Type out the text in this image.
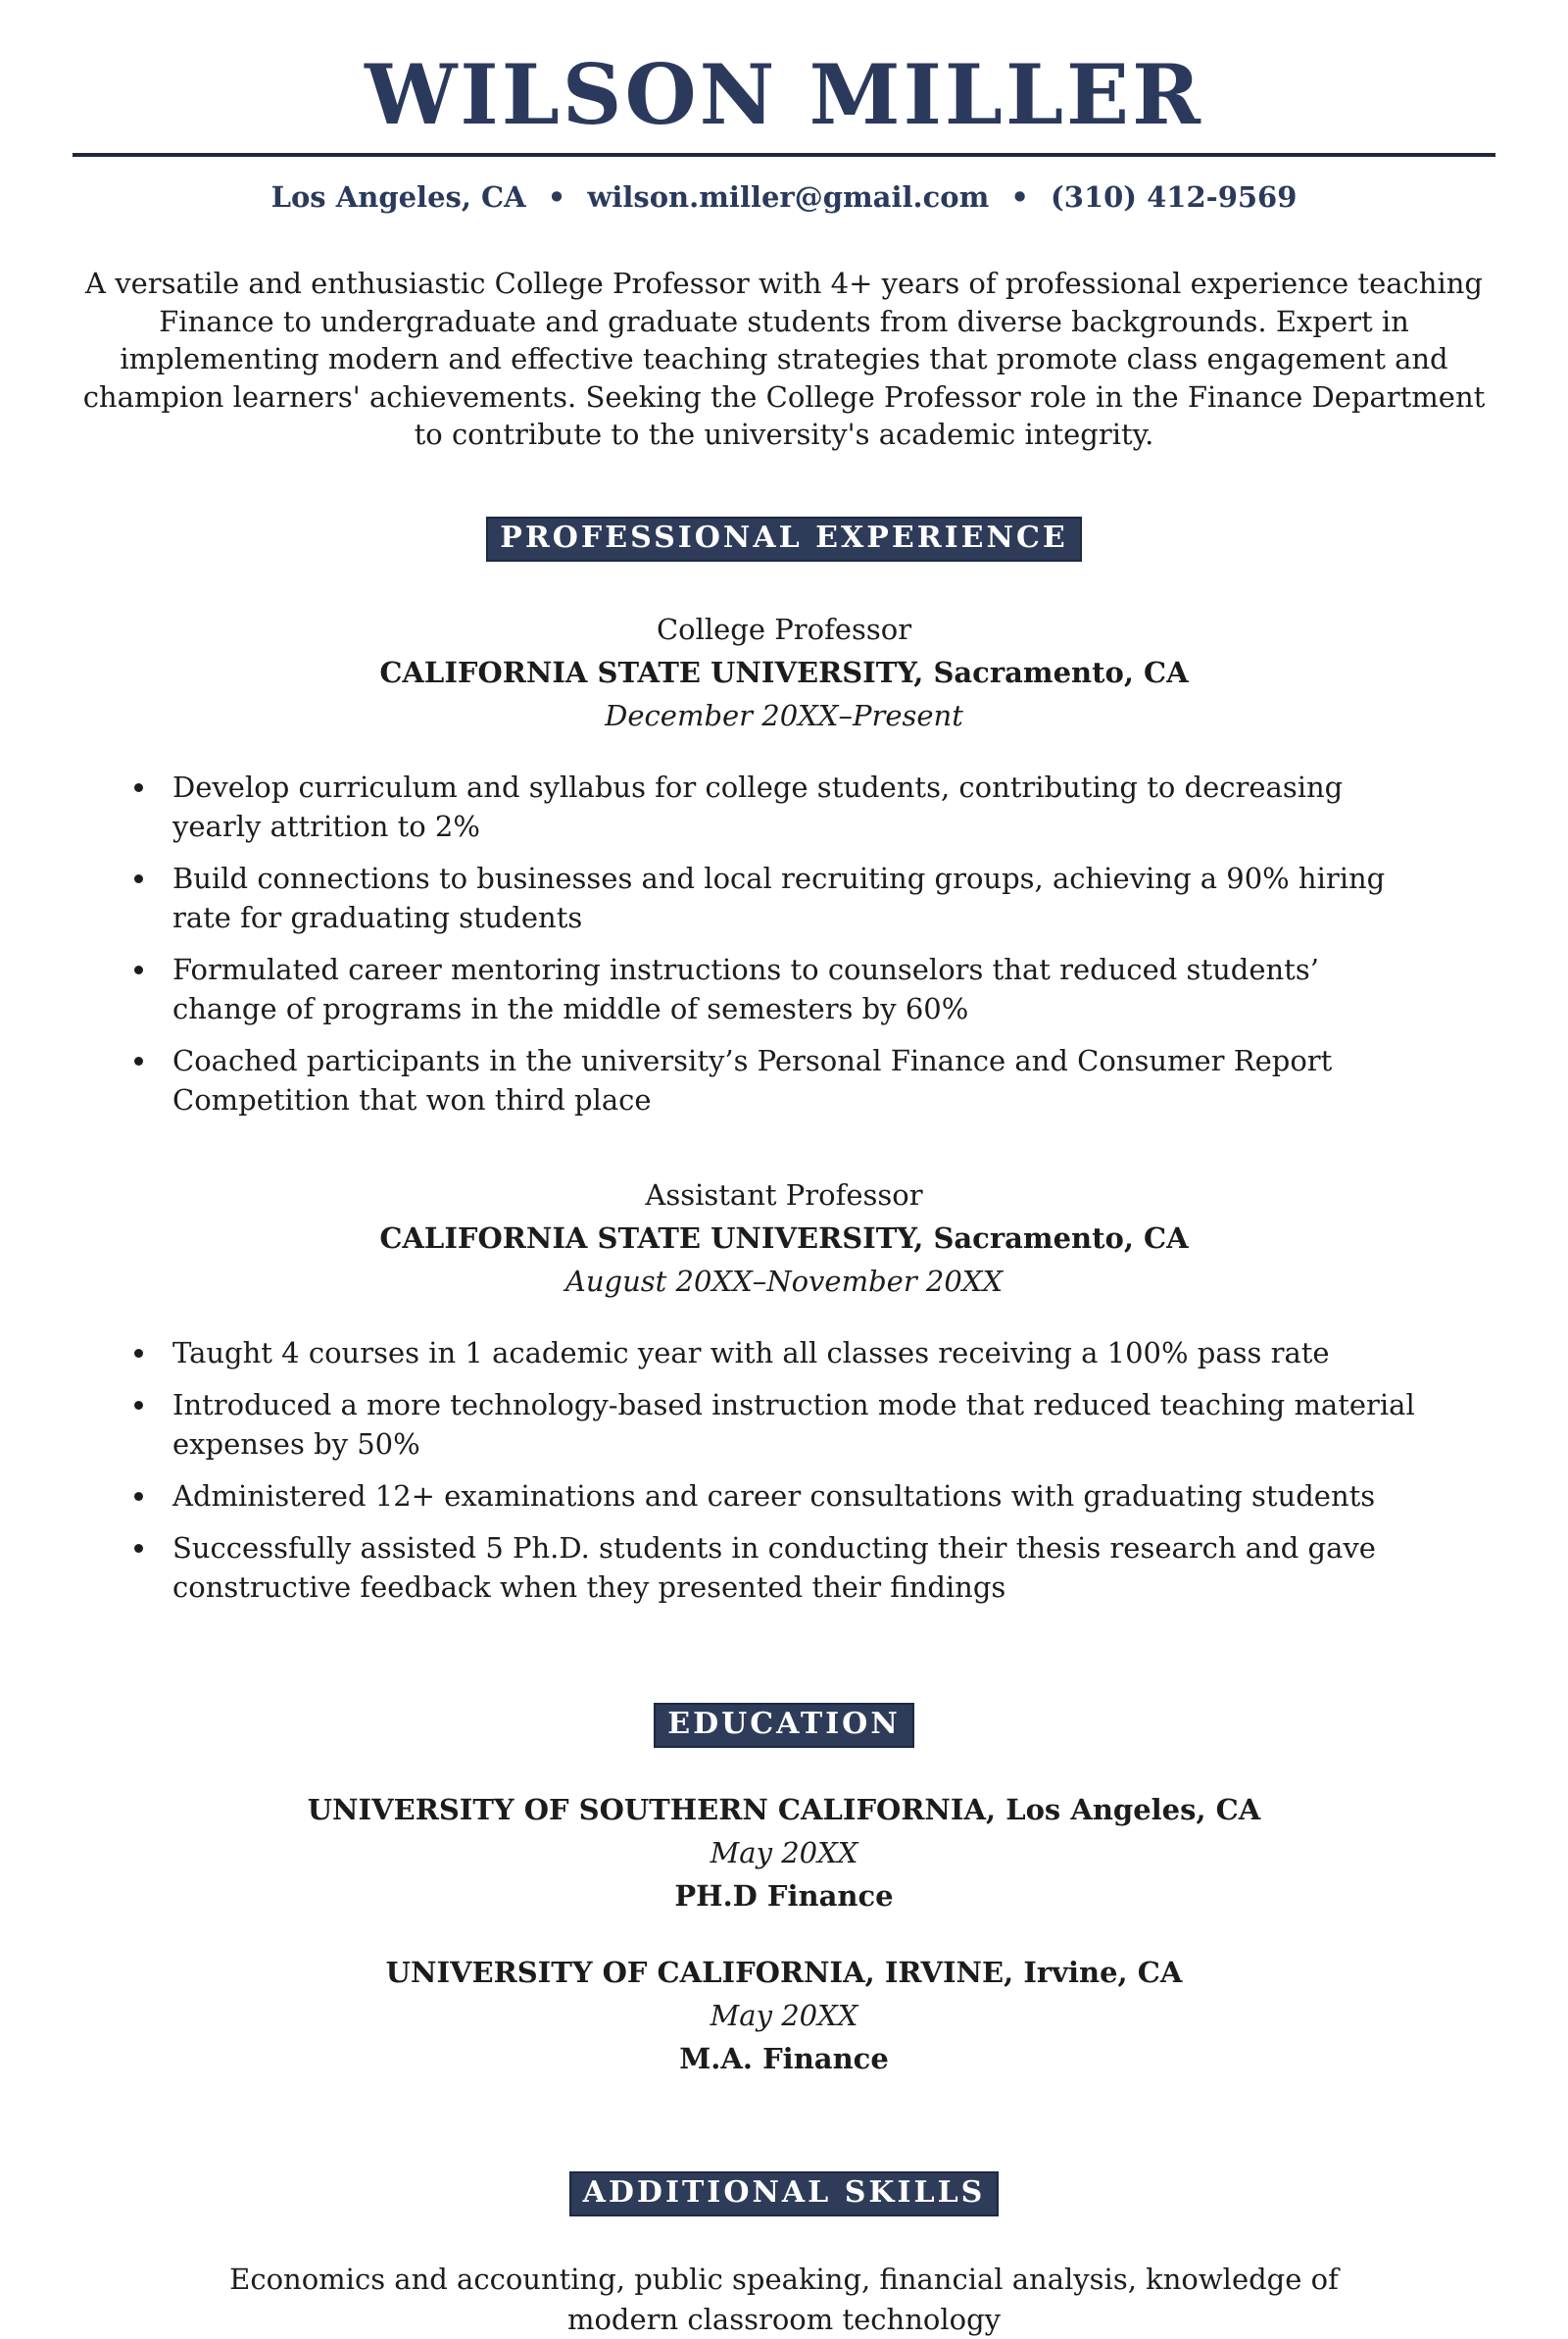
WILSON MILLER
Los Angeles, CA • wilson.miller@gmail.com • (310) 412-9569

A versatile and enthusiastic College Professor with 4+ years of professional experience teaching Finance to undergraduate and graduate students from diverse backgrounds. Expert in implementing modern and effective teaching strategies that promote class engagement and champion learners' achievements. Seeking the College Professor role in the Finance Department to contribute to the university's academic integrity.

PROFESSIONAL EXPERIENCE
College Professor
CALIFORNIA STATE UNIVERSITY, Sacramento, CA
December 20XX–Present
• Develop curriculum and syllabus for college students, contributing to decreasing yearly attrition to 2%
• Build connections to businesses and local recruiting groups, achieving a 90% hiring rate for graduating students
• Formulated career mentoring instructions to counselors that reduced students’ change of programs in the middle of semesters by 60%
• Coached participants in the university’s Personal Finance and Consumer Report Competition that won third place
Assistant Professor
CALIFORNIA STATE UNIVERSITY, Sacramento, CA
August 20XX–November 20XX
• Taught 4 courses in 1 academic year with all classes receiving a 100% pass rate
• Introduced a more technology-based instruction mode that reduced teaching material expenses by 50%
• Administered 12+ examinations and career consultations with graduating students
• Successfully assisted 5 Ph.D. students in conducting their thesis research and gave constructive feedback when they presented their findings
EDUCATION
UNIVERSITY OF SOUTHERN CALIFORNIA, Los Angeles, CA
May 20XX
PH.D Finance
UNIVERSITY OF CALIFORNIA, IRVINE, Irvine, CA
May 20XX
M.A. Finance
ADDITIONAL SKILLS

Economics and accounting, public speaking, financial analysis, knowledge of modern classroom technology
